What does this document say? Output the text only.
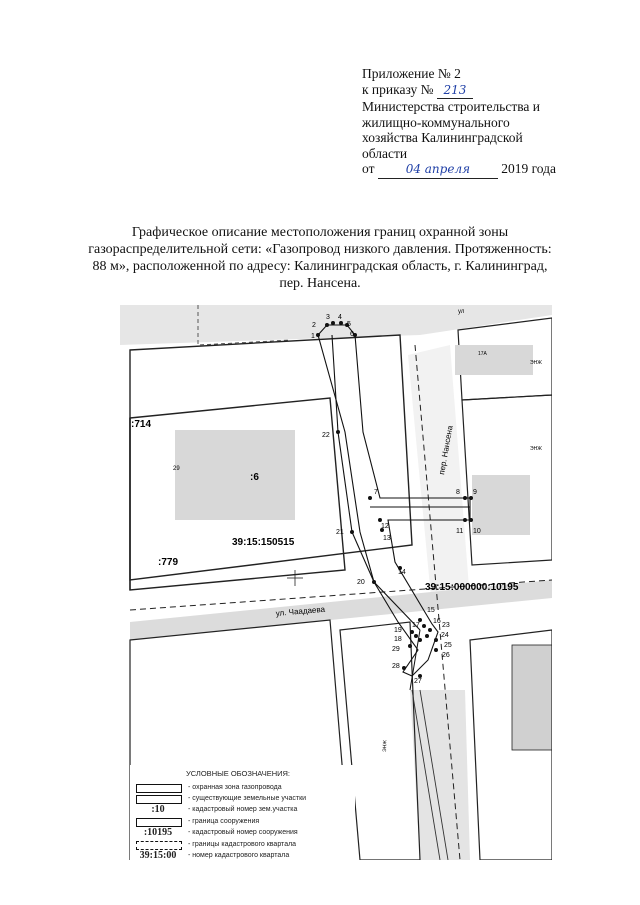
Приложение № 2
к приказу № 213
Министерства строительства и
жилищно-коммунального
хозяйства Калининградской
области
от	04 апреля 2019 года
Графическое описание местоположения границ охранной зоны
газораспределительной сети: «Газопровод низкого давления. Протяженность:
88 м», расположенной по адресу: Калининградская область, г. Калининград,
пер. Нансена.
39:15:150515
39:15:000000:10195
:714
:6
:779
пер. Нансена
ул. Чаадаева
29
17А
ЭНЖ
ЭНЖ
ЭНЖ
ул
2
3 4
5
1	6
22
7	8 9
21
12
13
11 10
14
20
15
16
23
17
19
18
24
25
29
26
28
27
УСЛОВНЫЕ ОБОЗНАЧЕНИЯ:
- охранная зона газопровода
- существующие земельные участки
:10	- кадастровый номер зем.участка
- граница сооружения
:10195	- кадастровый номер сооружения
- границы кадастрового квартала
39:15:00	- номер кадастрового квартала
